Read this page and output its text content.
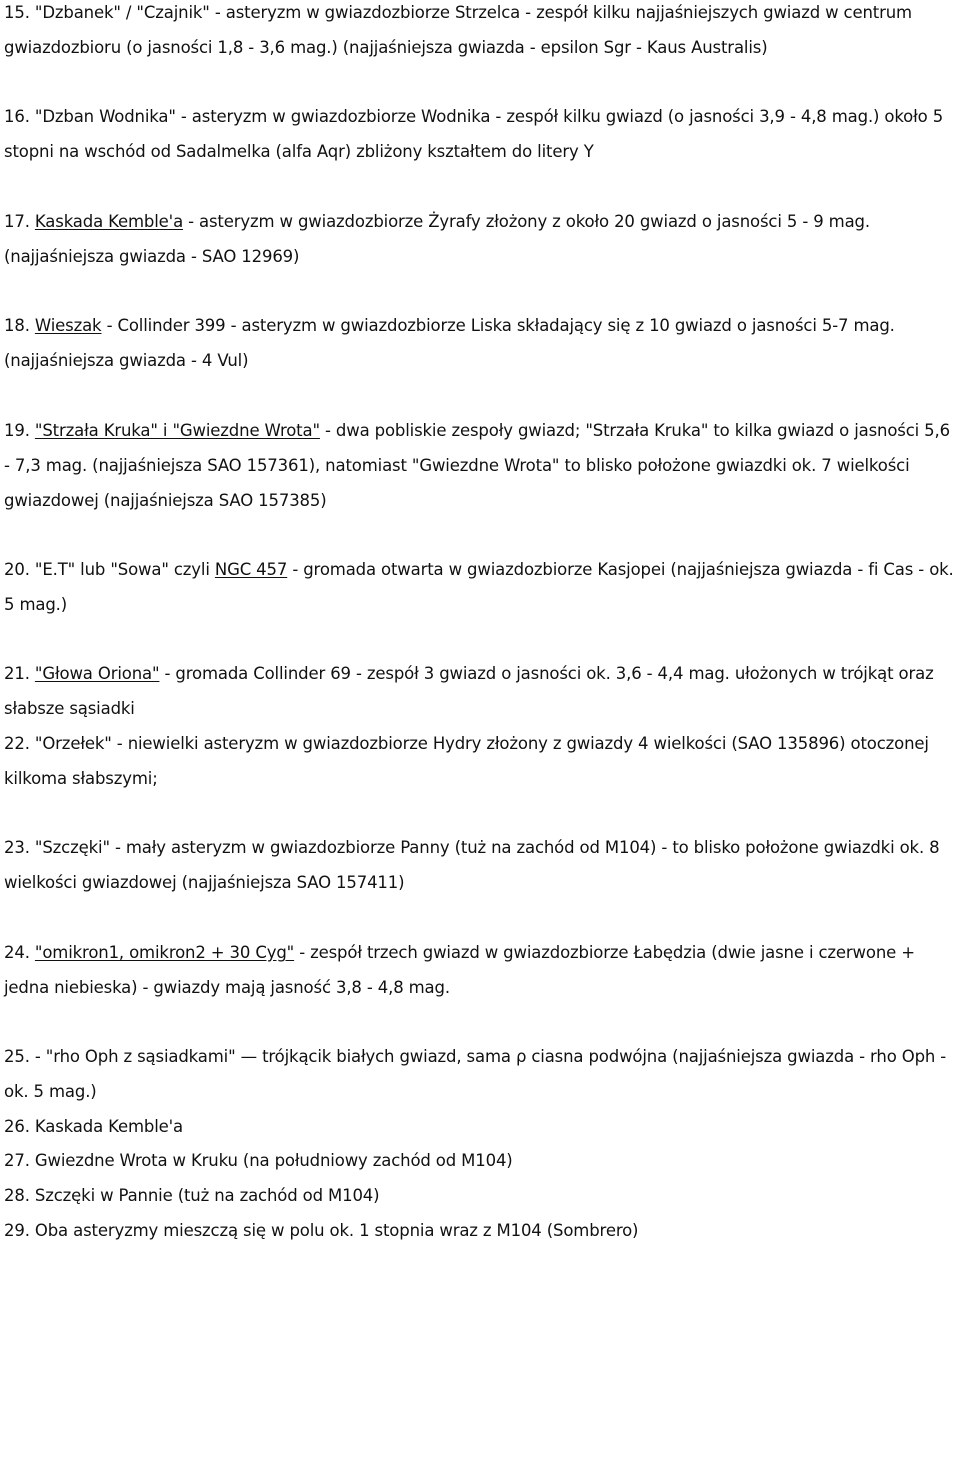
15. "Dzbanek" / "Czajnik" - asteryzm w gwiazdozbiorze Strzelca - zespół kilku najjaśniejszych gwiazd w centrum gwiazdozbioru (o jasności 1,8 - 3,6 mag.) (najjaśniejsza gwiazda - epsilon Sgr - Kaus Australis)

16. "Dzban Wodnika" - asteryzm w gwiazdozbiorze Wodnika - zespół kilku gwiazd (o jasności 3,9 - 4,8 mag.) około 5 stopni na wschód od Sadalmelka (alfa Aqr) zbliżony kształtem do litery Y

17. Kaskada Kemble'a - asteryzm w gwiazdozbiorze Żyrafy złożony z około 20 gwiazd o jasności 5 - 9 mag. (najjaśniejsza gwiazda - SAO 12969)

18. Wieszak - Collinder 399 - asteryzm w gwiazdozbiorze Liska składający się z 10 gwiazd o jasności 5-7 mag. (najjaśniejsza gwiazda - 4 Vul)

19. "Strzała Kruka" i "Gwiezdne Wrota" - dwa pobliskie zespoły gwiazd; "Strzała Kruka" to kilka gwiazd o jasności 5,6 - 7,3 mag. (najjaśniejsza SAO 157361), natomiast "Gwiezdne Wrota" to blisko położone gwiazdki ok. 7 wielkości gwiazdowej (najjaśniejsza SAO 157385)

20. "E.T" lub "Sowa" czyli NGC 457 - gromada otwarta w gwiazdozbiorze Kasjopei (najjaśniejsza gwiazda - fi Cas - ok. 5 mag.)

21. "Głowa Oriona" - gromada Collinder 69 - zespół 3 gwiazd o jasności ok. 3,6 - 4,4 mag. ułożonych w trójkąt oraz słabsze sąsiadki

22. "Orzełek" - niewielki asteryzm w gwiazdozbiorze Hydry złożony z gwiazdy 4 wielkości (SAO 135896) otoczonej kilkoma słabszymi;

23. "Szczęki" - mały asteryzm w gwiazdozbiorze Panny (tuż na zachód od M104) - to blisko położone gwiazdki ok. 8 wielkości gwiazdowej (najjaśniejsza SAO 157411)

24. "omikron1, omikron2 + 30 Cyg" - zespół trzech gwiazd w gwiazdozbiorze Łabędzia (dwie jasne i czerwone + jedna niebieska) - gwiazdy mają jasność 3,8 - 4,8 mag.

25. - "rho Oph z sąsiadkami" — trójkącik białych gwiazd, sama ρ ciasna podwójna (najjaśniejsza gwiazda - rho Oph - ok. 5 mag.)

26. Kaskada Kemble'a

27. Gwiezdne Wrota w Kruku (na południowy zachód od M104)

28. Szczęki w Pannie (tuż na zachód od M104)

29. Oba asteryzmy mieszczą się w polu ok. 1 stopnia wraz z M104 (Sombrero)
